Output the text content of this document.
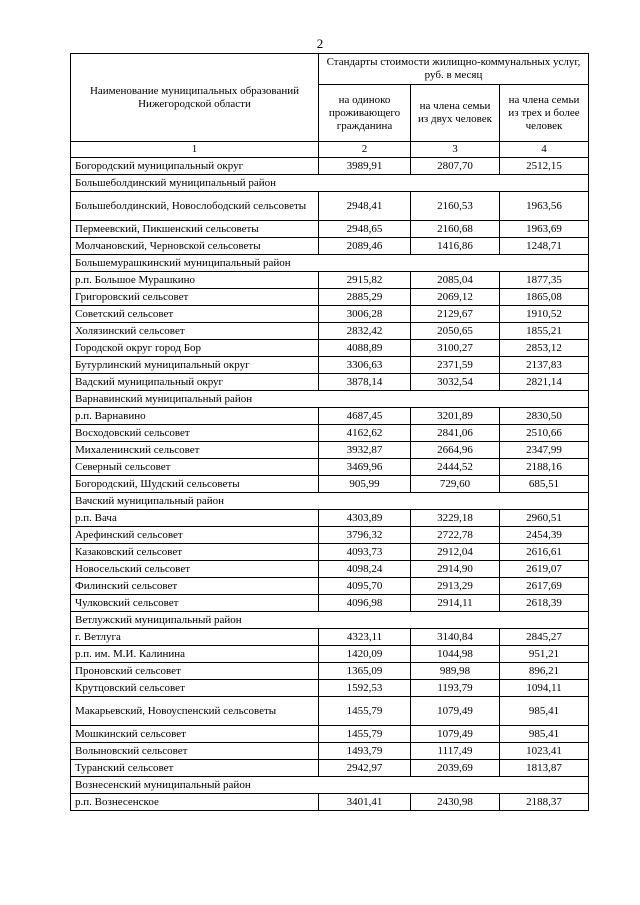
2
Наименование муниципальных образований Нижегородской области	Стандарты стоимости жилищно-коммунальных услуг, руб. в месяц		
	на одиноко проживающего гражданина	на члена семьи из двух человек	на члена семьи из трех и более человек
1	2	3	4
Богородский муниципальный округ	3989,91	2807,70	2512,15
Большеболдинский муниципальный район			
Большеболдинский, Новослободский сельсоветы	2948,41	2160,53	1963,56
Пермеевский, Пикшенский сельсоветы	2948,65	2160,68	1963,69
Молчановский, Черновской сельсоветы	2089,46	1416,86	1248,71
Большемурашкинский муниципальный район			
р.п. Большое Мурашкино	2915,82	2085,04	1877,35
Григоровский сельсовет	2885,29	2069,12	1865,08
Советский сельсовет	3006,28	2129,67	1910,52
Холязинский сельсовет	2832,42	2050,65	1855,21
Городской округ город Бор	4088,89	3100,27	2853,12
Бутурлинский муниципальный округ	3306,63	2371,59	2137,83
Вадский муниципальный округ	3878,14	3032,54	2821,14
Варнавинский муниципальный район			
р.п. Варнавино	4687,45	3201,89	2830,50
Восходовский сельсовет	4162,62	2841,06	2510,66
Михаленинский сельсовет	3932,87	2664,96	2347,99
Северный сельсовет	3469,96	2444,52	2188,16
Богородский, Шудский сельсоветы	905,99	729,60	685,51
Вачский муниципальный район			
р.п. Вача	4303,89	3229,18	2960,51
Арефинский сельсовет	3796,32	2722,78	2454,39
Казаковский сельсовет	4093,73	2912,04	2616,61
Новосельский сельсовет	4098,24	2914,90	2619,07
Филинский сельсовет	4095,70	2913,29	2617,69
Чулковский сельсовет	4096,98	2914,11	2618,39
Ветлужский муниципальный район			
г. Ветлуга	4323,11	3140,84	2845,27
р.п. им. М.И. Калинина	1420,09	1044,98	951,21
Проновский сельсовет	1365,09	989,98	896,21
Крутцовский сельсовет	1592,53	1193,79	1094,11
Макарьевский, Новоуспенский сельсоветы	1455,79	1079,49	985,41
Мошкинский сельсовет	1455,79	1079,49	985,41
Волыновский сельсовет	1493,79	1117,49	1023,41
Туранский сельсовет	2942,97	2039,69	1813,87
Вознесенский муниципальный район			
р.п. Вознесенское	3401,41	2430,98	2188,37
